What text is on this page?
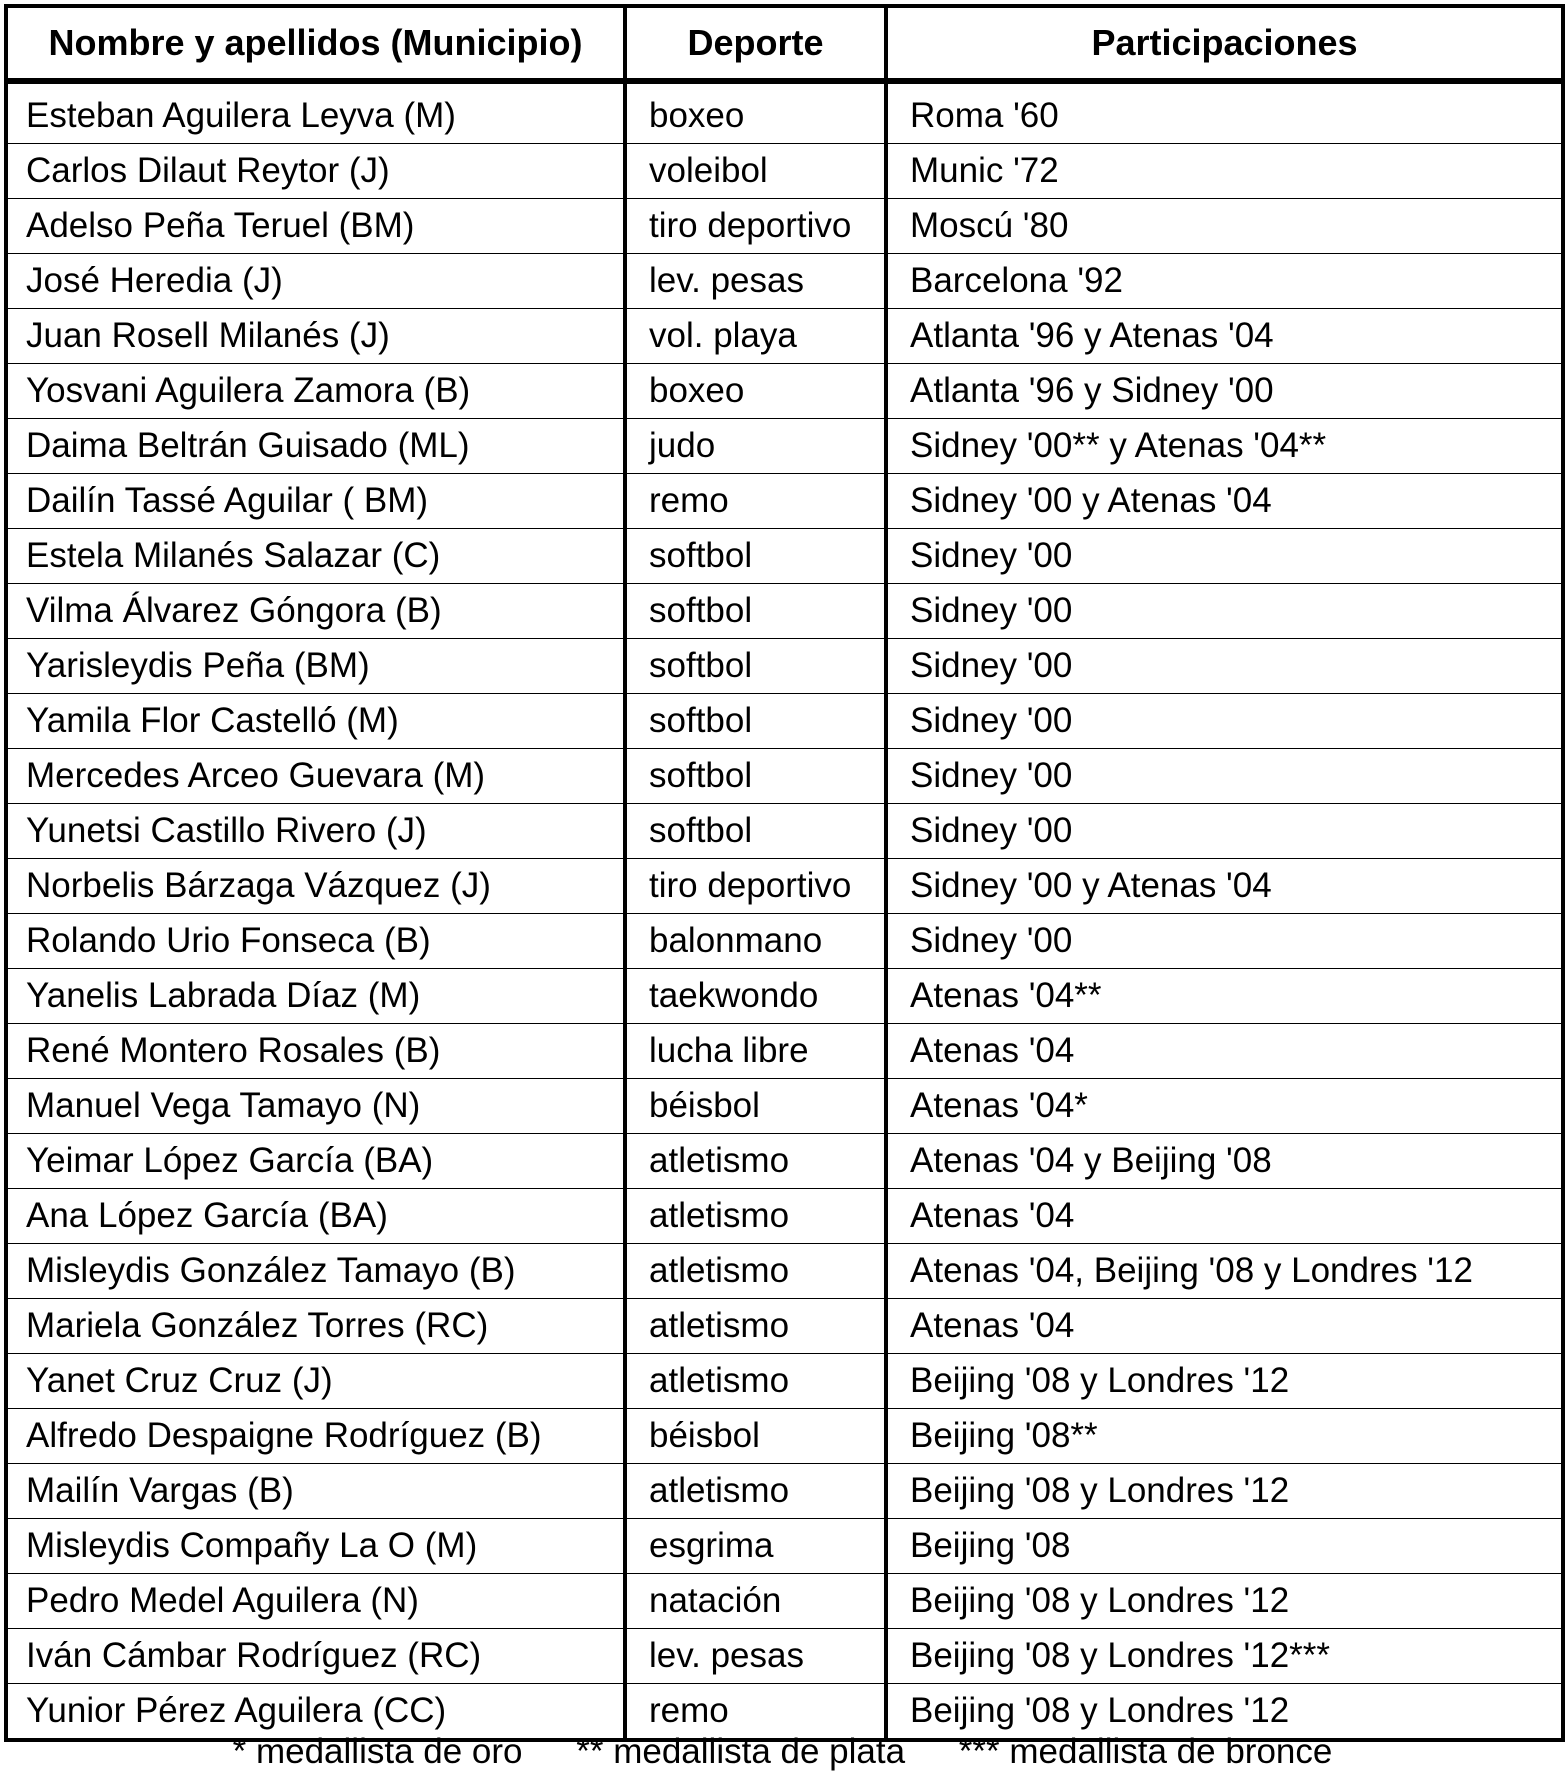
Nombre y apellidos (Municipio)	Deporte	Participaciones
Esteban Aguilera Leyva (M)	boxeo	Roma '60
Carlos Dilaut Reytor (J)	voleibol	Munic '72
Adelso Peña Teruel (BM)	tiro deportivo	Moscú '80
José Heredia (J)	lev. pesas	Barcelona '92
Juan Rosell Milanés (J)	vol. playa	Atlanta '96 y Atenas '04
Yosvani Aguilera Zamora (B)	boxeo	Atlanta '96 y Sidney '00
Daima Beltrán Guisado (ML)	judo	Sidney '00** y Atenas '04**
Dailín Tassé Aguilar ( BM)	remo	Sidney '00 y Atenas '04
Estela Milanés Salazar (C)	softbol	Sidney '00
Vilma Álvarez Góngora (B)	softbol	Sidney '00
Yarisleydis Peña (BM)	softbol	Sidney '00
Yamila Flor Castelló (M)	softbol	Sidney '00
Mercedes Arceo Guevara (M)	softbol	Sidney '00
Yunetsi Castillo Rivero (J)	softbol	Sidney '00
Norbelis Bárzaga Vázquez (J)	tiro deportivo	Sidney '00 y Atenas '04
Rolando Urio Fonseca (B)	balonmano	Sidney '00
Yanelis Labrada Díaz (M)	taekwondo	Atenas '04**
René Montero Rosales (B)	lucha libre	Atenas '04
Manuel Vega Tamayo (N)	béisbol	Atenas '04*
Yeimar López García (BA)	atletismo	Atenas '04 y Beijing '08
Ana López García (BA)	atletismo	Atenas '04
Misleydis González Tamayo (B)	atletismo	Atenas '04, Beijing '08 y Londres '12
Mariela González Torres (RC)	atletismo	Atenas '04
Yanet Cruz Cruz (J)	atletismo	Beijing '08 y Londres '12
Alfredo Despaigne Rodríguez (B)	béisbol	Beijing '08**
Mailín Vargas (B)	atletismo	Beijing '08 y Londres '12
Misleydis Compañy La O (M)	esgrima	Beijing '08
Pedro Medel Aguilera (N)	natación	Beijing '08 y Londres '12
Iván Cámbar Rodríguez (RC)	lev. pesas	Beijing '08 y Londres '12***
Yunior Pérez Aguilera (CC)	remo	Beijing '08 y Londres '12
* medallista de oro ** medallista de plata *** medallista de bronce
